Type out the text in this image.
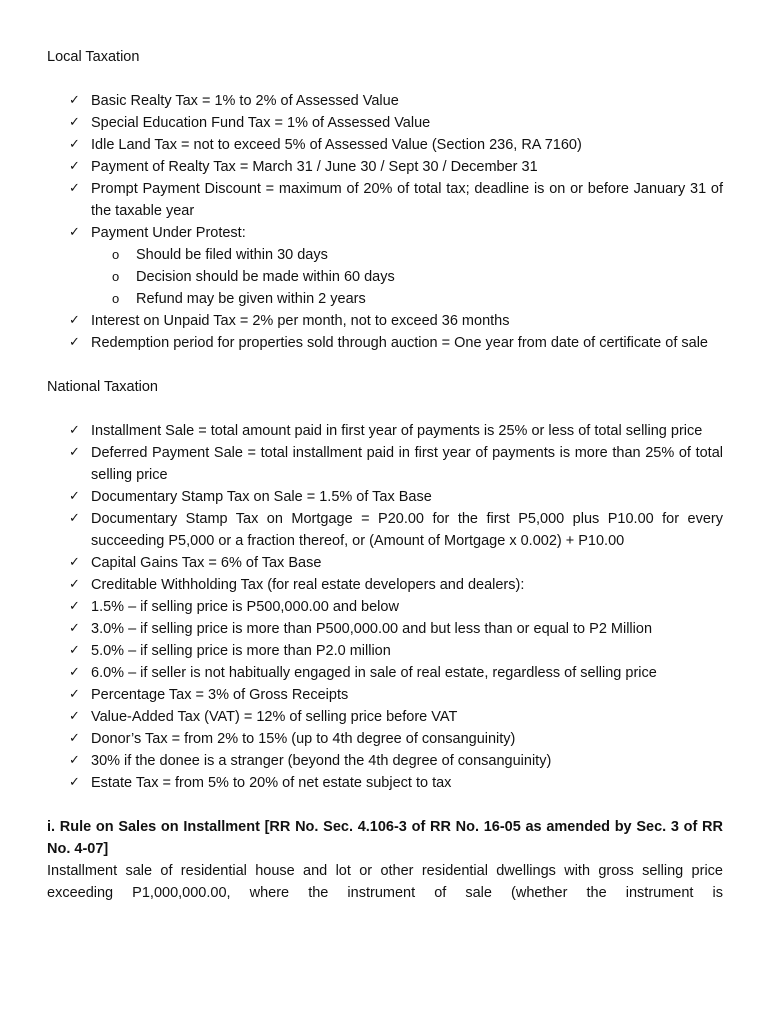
Local Taxation
✓ Basic Realty Tax = 1% to 2% of Assessed Value
✓ Special Education Fund Tax = 1% of Assessed Value
✓ Idle Land Tax = not to exceed 5% of Assessed Value (Section 236, RA 7160)
✓ Payment of Realty Tax = March 31 / June 30 / Sept 30 / December 31
✓ Prompt Payment Discount = maximum of 20% of total tax; deadline is on or before January 31 of the taxable year
✓ Payment Under Protest:
o Should be filed within 30 days
o Decision should be made within 60 days
o Refund may be given within 2 years
✓ Interest on Unpaid Tax = 2% per month, not to exceed 36 months
✓ Redemption period for properties sold through auction = One year from date of certificate of sale
National Taxation
✓ Installment Sale = total amount paid in first year of payments is 25% or less of total selling price
✓ Deferred Payment Sale = total installment paid in first year of payments is more than 25% of total selling price
✓ Documentary Stamp Tax on Sale = 1.5% of Tax Base
✓ Documentary Stamp Tax on Mortgage = P20.00 for the first P5,000 plus P10.00 for every succeeding P5,000 or a fraction thereof, or (Amount of Mortgage x 0.002) + P10.00
✓ Capital Gains Tax = 6% of Tax Base
✓ Creditable Withholding Tax (for real estate developers and dealers):
✓ 1.5% – if selling price is P500,000.00 and below
✓ 3.0% – if selling price is more than P500,000.00 and but less than or equal to P2 Million
✓ 5.0% – if selling price is more than P2.0 million
✓ 6.0% – if seller is not habitually engaged in sale of real estate, regardless of selling price
✓ Percentage Tax = 3% of Gross Receipts
✓ Value-Added Tax (VAT) = 12% of selling price before VAT
✓ Donor’s Tax = from 2% to 15% (up to 4th degree of consanguinity)
✓ 30% if the donee is a stranger (beyond the 4th degree of consanguinity)
✓ Estate Tax = from 5% to 20% of net estate subject to tax
i. Rule on Sales on Installment [RR No. Sec. 4.106-3 of RR No. 16-05 as amended by Sec. 3 of RR No. 4-07]
Installment sale of residential house and lot or other residential dwellings with gross selling price exceeding P1,000,000.00, where the instrument of sale (whether the instrument is
